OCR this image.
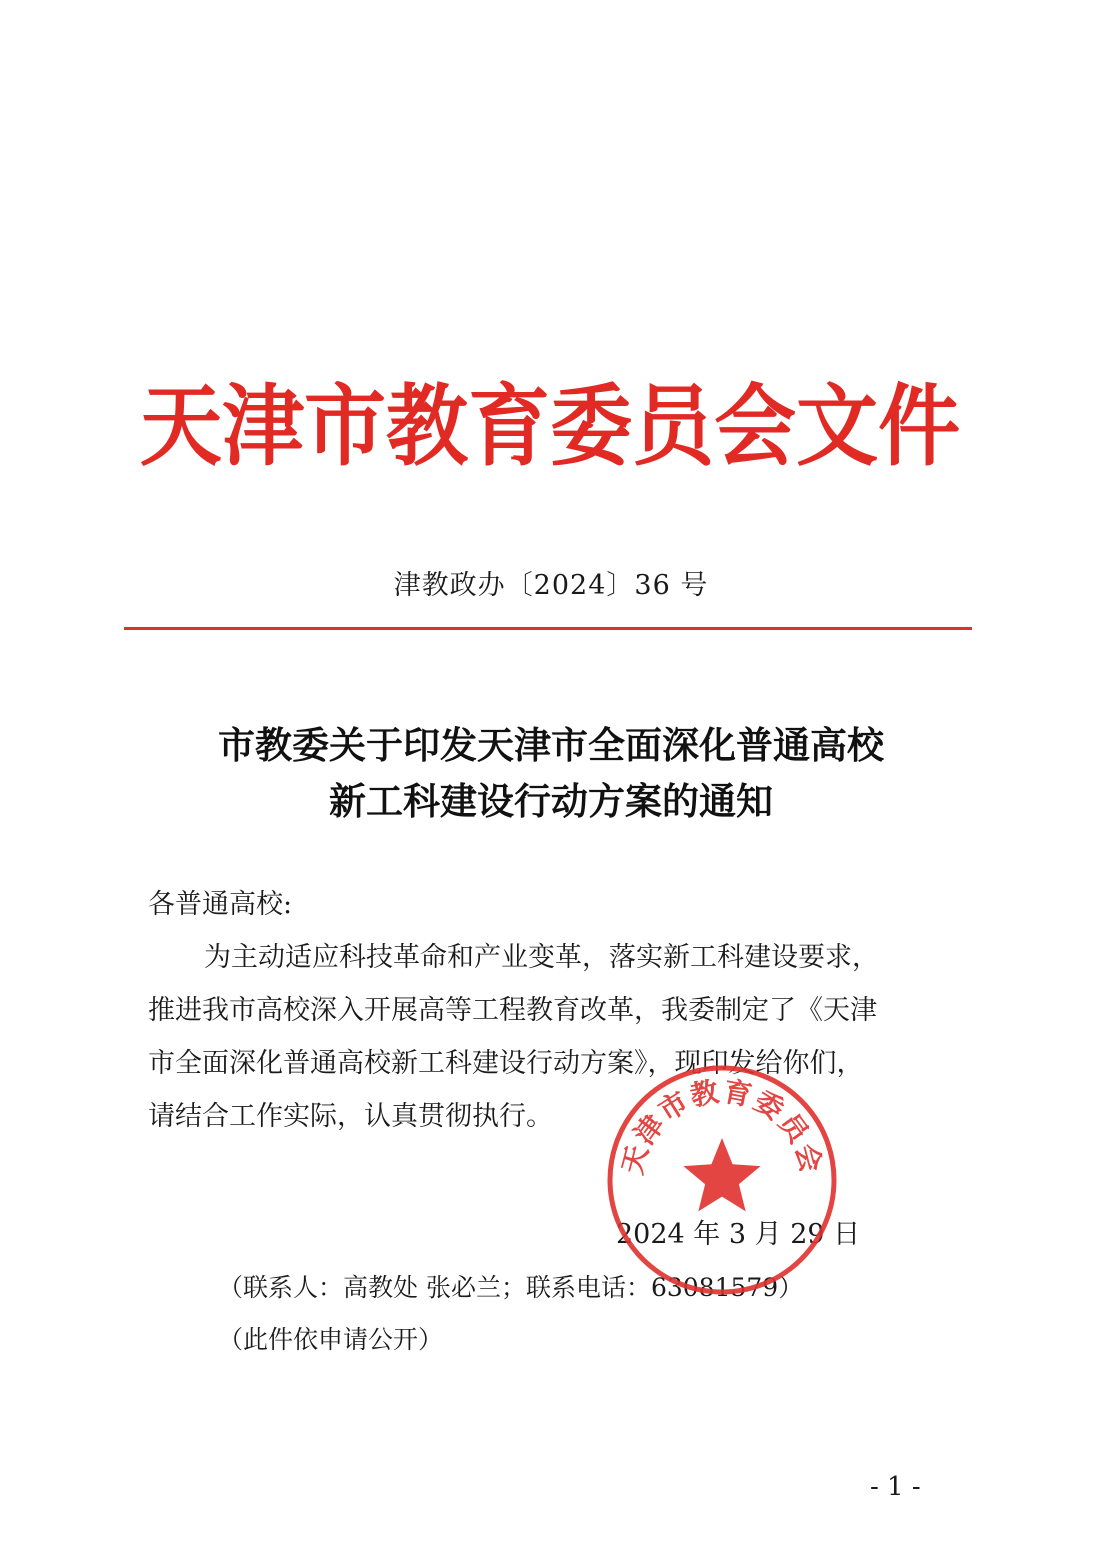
天 津 市 教 育 委 员 会 文 件
津教政办〔2024〕36 号
市教委关于印发天津市全面深化普通高校
新工科建设行动方案的通知
各普通高校:
为主动适应科技革命和产业变革，落实新工科建设要求，
推进我市高校深入开展高等工程教育改革，我委制定了《天津
市全面深化普通高校新工科建设行动方案》，现印发给你们，
请结合工作实际，认真贯彻执行。
2024 年 3 月 29 日
天津市教育委员会
（联系人：高教处 张必兰；联系电话：63081579）
（此件依申请公开）
- 1 -
